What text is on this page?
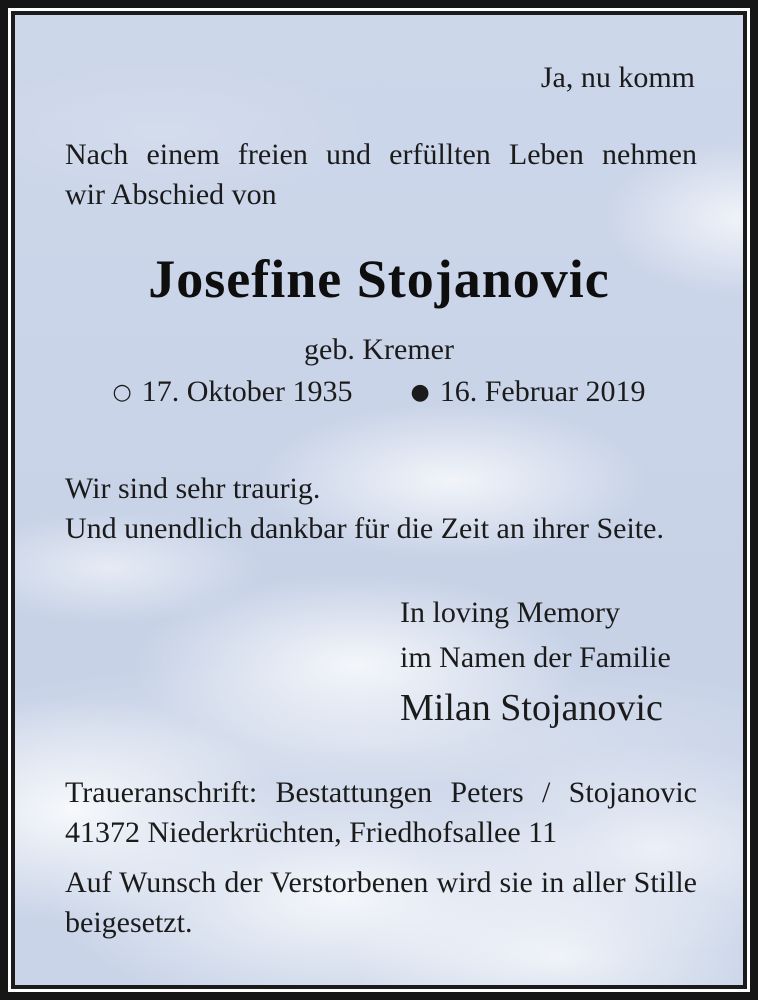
Ja, nu komm
Nach einem freien und erfüllten Leben nehmen
wir Abschied von
Josefine Stojanovic
geb. Kremer
○ 17. Oktober 1935	● 16. Februar 2019
Wir sind sehr traurig.
Und unendlich dankbar für die Zeit an ihrer Seite.
In loving Memory
im Namen der Familie
Milan Stojanovic
Traueranschrift: Bestattungen Peters / Stojanovic
41372 Niederkrüchten, Friedhofsallee 11
Auf Wunsch der Verstorbenen wird sie in aller Stille
beigesetzt.
